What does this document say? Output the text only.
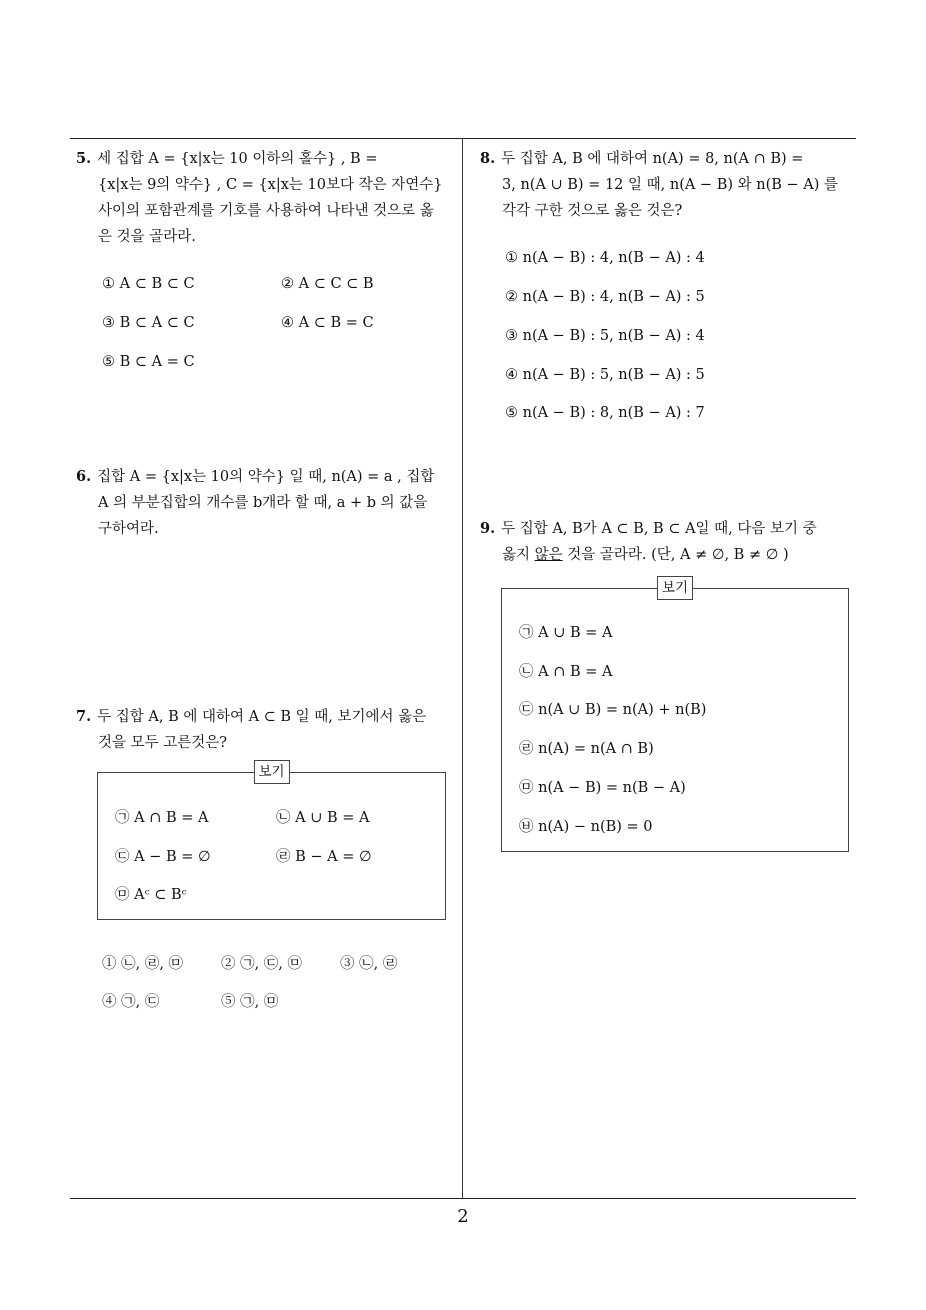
5. 세 집합 A = {x|x는 10 이하의 홀수} , B =
{x|x는 9의 약수} , C = {x|x는 10보다 작은 자연수}
사이의 포함관계를 기호를 사용하여 나타낸 것으로 옳
은 것을 골라라.
① A ⊂ B ⊂ C	② A ⊂ C ⊂ B
③ B ⊂ A ⊂ C	④ A ⊂ B = C
⑤ B ⊂ A = C
6. 집합 A = {x|x는 10의 약수} 일 때, n(A) = a , 집합
A 의 부분집합의 개수를 b개라 할 때, a + b 의 값을
구하여라.
7. 두 집합 A, B 에 대하여 A ⊂ B 일 때, 보기에서 옳은
것을 모두 고른것은?
보기
㉠ A ∩ B = A	㉡ A ∪ B = A
㉢ A − B = ∅	㉣ B − A = ∅
㉤ Aᶜ ⊂ Bᶜ
① ㉡, ㉣, ㉤	② ㉠, ㉢, ㉤	③ ㉡, ㉣
④ ㉠, ㉢	⑤ ㉠, ㉤
8. 두 집합 A, B 에 대하여 n(A) = 8, n(A ∩ B) =
3, n(A ∪ B) = 12 일 때, n(A − B) 와 n(B − A) 를
각각 구한 것으로 옳은 것은?
① n(A − B) : 4, n(B − A) : 4
② n(A − B) : 4, n(B − A) : 5
③ n(A − B) : 5, n(B − A) : 4
④ n(A − B) : 5, n(B − A) : 5
⑤ n(A − B) : 8, n(B − A) : 7
9. 두 집합 A, B가 A ⊂ B, B ⊂ A일 때, 다음 보기 중
옳지 않은 것을 골라라. (단, A ≠ ∅, B ≠ ∅ )
보기
㉠ A ∪ B = A
㉡ A ∩ B = A
㉢ n(A ∪ B) = n(A) + n(B)
㉣ n(A) = n(A ∩ B)
㉤ n(A − B) = n(B − A)
㉥ n(A) − n(B) = 0
2
